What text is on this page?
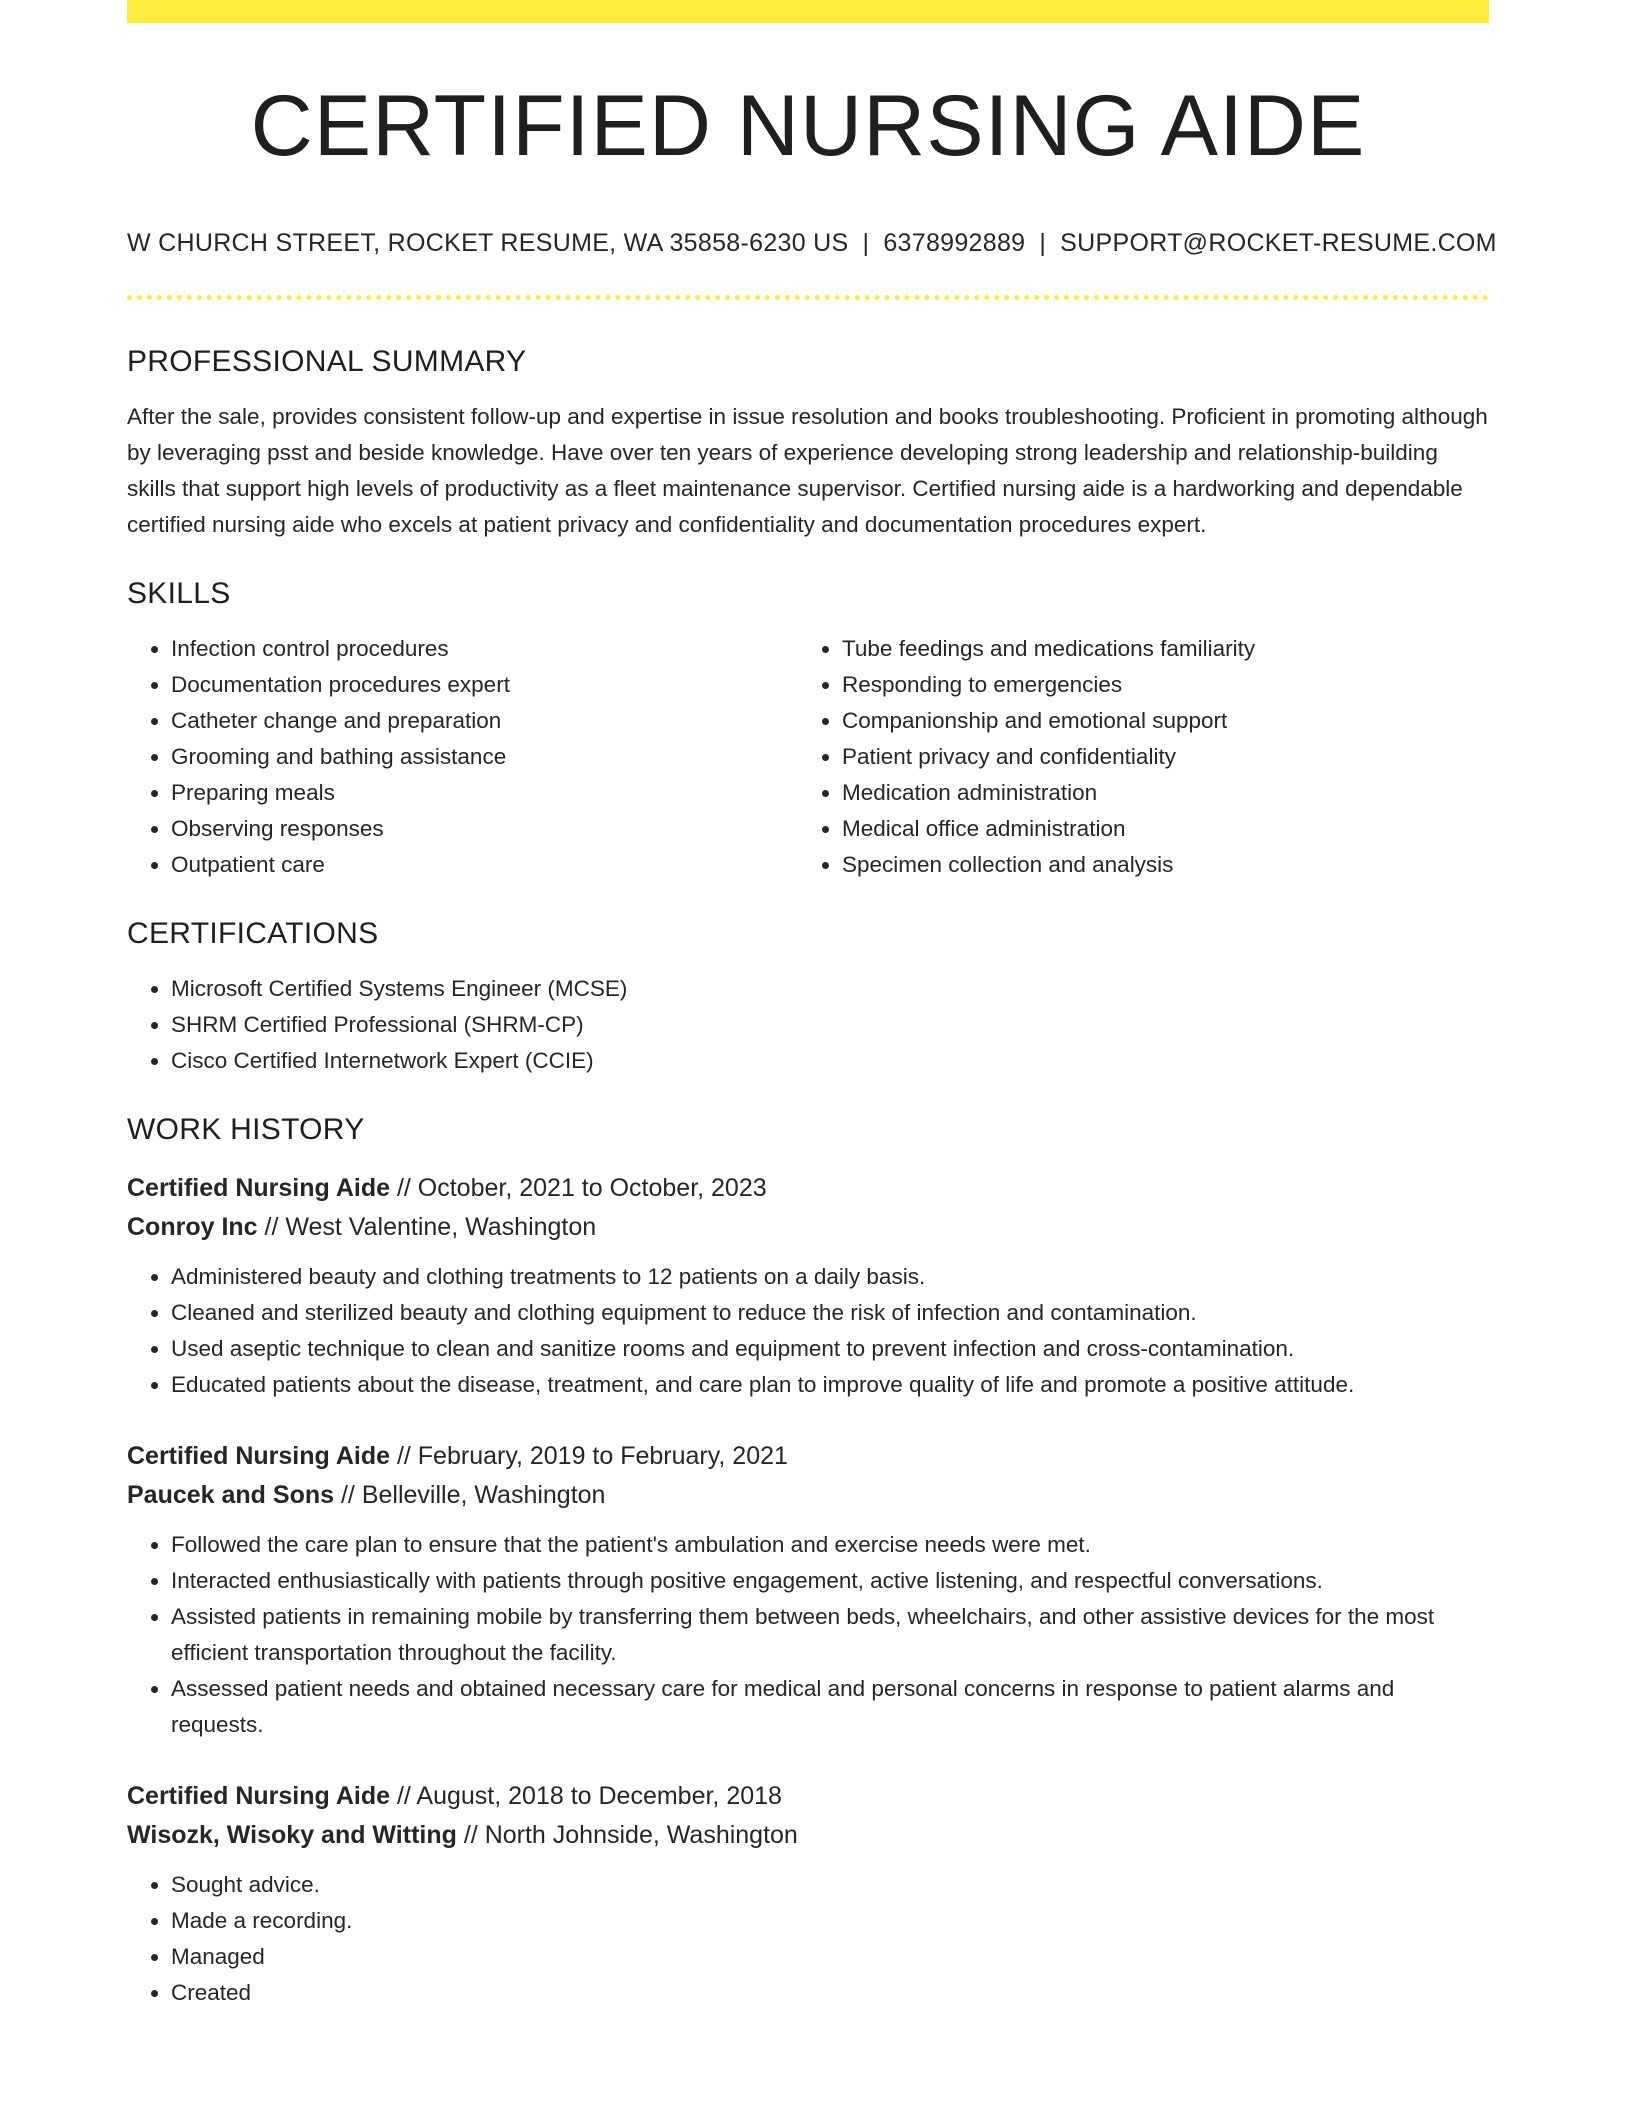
CERTIFIED NURSING AIDE
W CHURCH STREET, ROCKET RESUME, WA 35858-6230 US | 6378992889 | SUPPORT@ROCKET-RESUME.COM
PROFESSIONAL SUMMARY

After the sale, provides consistent follow-up and expertise in issue resolution and books troubleshooting. Proficient in promoting although by leveraging psst and beside knowledge. Have over ten years of experience developing strong leadership and relationship-building skills that support high levels of productivity as a fleet maintenance supervisor. Certified nursing aide is a hardworking and dependable certified nursing aide who excels at patient privacy and confidentiality and documentation procedures expert.

SKILLS
• Infection control procedures
• Documentation procedures expert
• Catheter change and preparation
• Grooming and bathing assistance
• Preparing meals
• Observing responses
• Outpatient care
• Tube feedings and medications familiarity
• Responding to emergencies
• Companionship and emotional support
• Patient privacy and confidentiality
• Medication administration
• Medical office administration
• Specimen collection and analysis
CERTIFICATIONS
• Microsoft Certified Systems Engineer (MCSE)
• SHRM Certified Professional (SHRM-CP)
• Cisco Certified Internetwork Expert (CCIE)
WORK HISTORY
Certified Nursing Aide // October, 2021 to October, 2023
Conroy Inc // West Valentine, Washington
• Administered beauty and clothing treatments to 12 patients on a daily basis.
• Cleaned and sterilized beauty and clothing equipment to reduce the risk of infection and contamination.
• Used aseptic technique to clean and sanitize rooms and equipment to prevent infection and cross-contamination.
• Educated patients about the disease, treatment, and care plan to improve quality of life and promote a positive attitude.
Certified Nursing Aide // February, 2019 to February, 2021
Paucek and Sons // Belleville, Washington
• Followed the care plan to ensure that the patient's ambulation and exercise needs were met.
• Interacted enthusiastically with patients through positive engagement, active listening, and respectful conversations.
• Assisted patients in remaining mobile by transferring them between beds, wheelchairs, and other assistive devices for the most efficient transportation throughout the facility.
• Assessed patient needs and obtained necessary care for medical and personal concerns in response to patient alarms and requests.
Certified Nursing Aide // August, 2018 to December, 2018
Wisozk, Wisoky and Witting // North Johnside, Washington
• Sought advice.
• Made a recording.
• Managed
• Created
